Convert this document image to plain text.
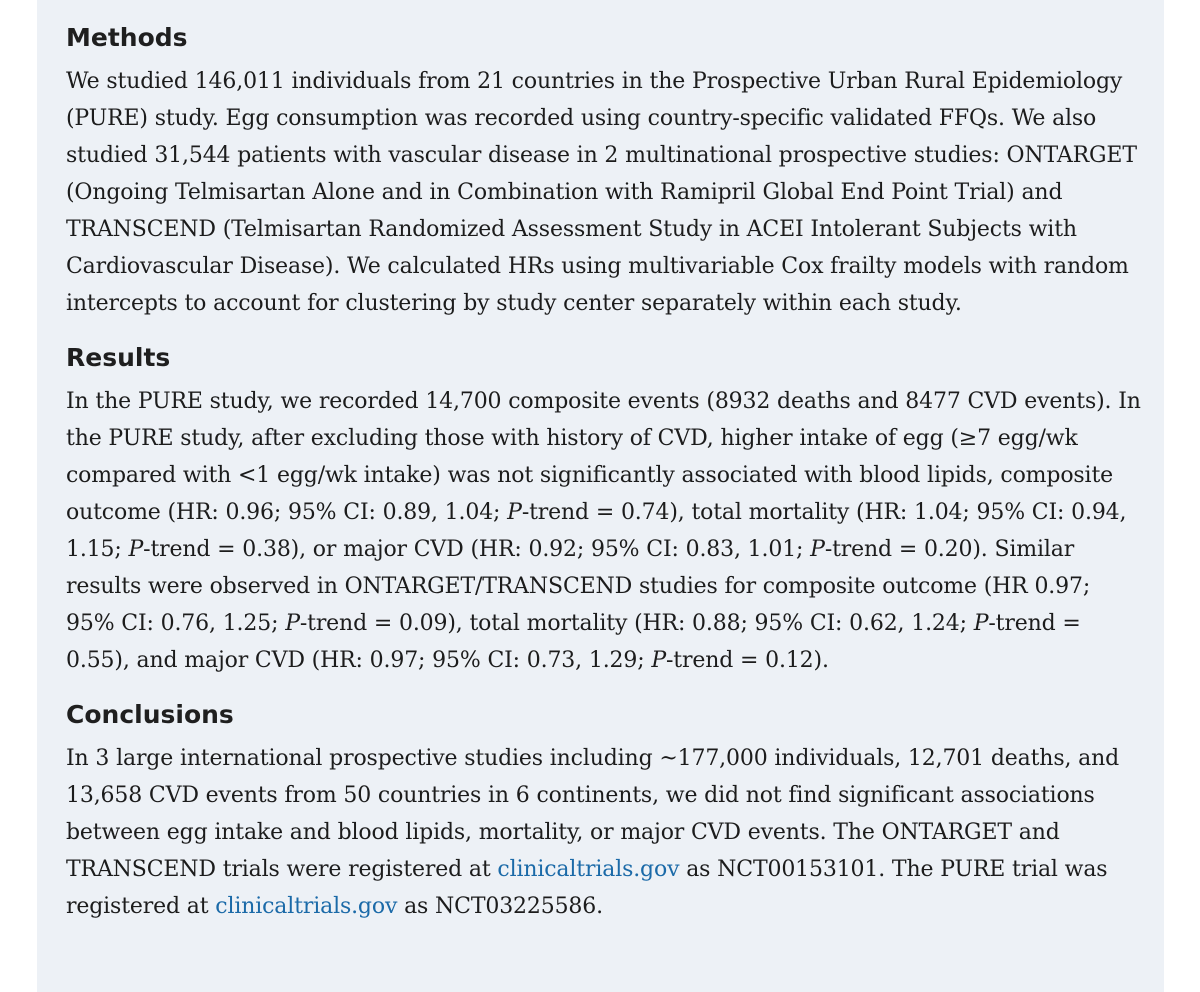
Methods

We studied 146,011 individuals from 21 countries in the Prospective Urban Rural Epidemiology (PURE) study. Egg consumption was recorded using country-specific validated FFQs. We also studied 31,544 patients with vascular disease in 2 multinational prospective studies: ONTARGET (Ongoing Telmisartan Alone and in Combination with Ramipril Global End Point Trial) and TRANSCEND (Telmisartan Randomized Assessment Study in ACEI Intolerant Subjects with Cardiovascular Disease). We calculated HRs using multivariable Cox frailty models with random intercepts to account for clustering by study center separately within each study.

Results

In the PURE study, we recorded 14,700 composite events (8932 deaths and 8477 CVD events). In the PURE study, after excluding those with history of CVD, higher intake of egg (≥7 egg/wk compared with <1 egg/wk intake) was not significantly associated with blood lipids, composite outcome (HR: 0.96; 95% CI: 0.89, 1.04; P-trend = 0.74), total mortality (HR: 1.04; 95% CI: 0.94, 1.15; P-trend = 0.38), or major CVD (HR: 0.92; 95% CI: 0.83, 1.01; P-trend = 0.20). Similar results were observed in ONTARGET/TRANSCEND studies for composite outcome (HR 0.97; 95% CI: 0.76, 1.25; P-trend = 0.09), total mortality (HR: 0.88; 95% CI: 0.62, 1.24; P-trend = 0.55), and major CVD (HR: 0.97; 95% CI: 0.73, 1.29; P-trend = 0.12).

Conclusions

In 3 large international prospective studies including ~177,000 individuals, 12,701 deaths, and 13,658 CVD events from 50 countries in 6 continents, we did not find significant associations between egg intake and blood lipids, mortality, or major CVD events. The ONTARGET and TRANSCEND trials were registered at clinicaltrials.gov as NCT00153101. The PURE trial was registered at clinicaltrials.gov as NCT03225586.
